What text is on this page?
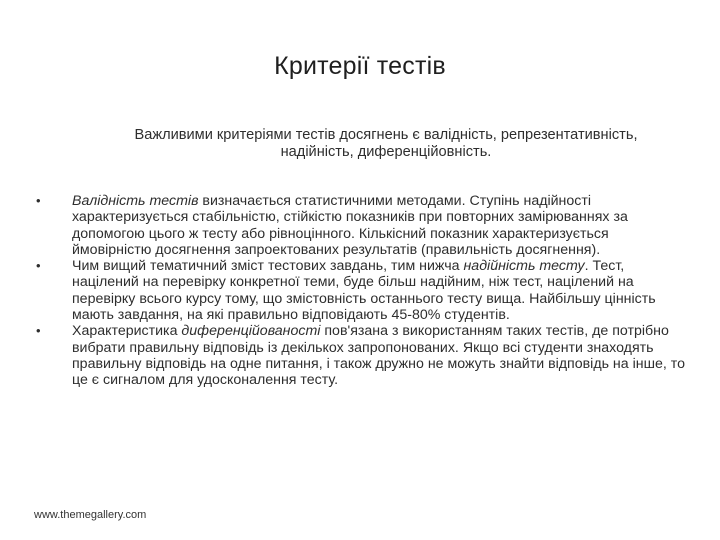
Критерії тестів
Важливими критеріями тестів досягнень є валідність, репрезентативність, надійність, диференційовність.
•	Валідність тестів визначається статистичними методами. Ступінь надійності характеризується стабільністю, стійкістю показників при повторних замірюваннях за допомогою цього ж тесту або рівноцінного. Кількісний показник характеризується ймовірністю досягнення запроектованих результатів (правильність досягнення).
•	Чим вищий тематичний зміст тестових завдань, тим нижча надійність тесту. Тест, націлений на перевірку конкретної теми, буде більш надійним, ніж тест, націлений на перевірку всього курсу тому, що змістовність останнього тесту вища. Найбільшу цінність мають завдання, на які правильно відповідають 45-80% студентів.
•	Характеристика диференційованості пов'язана з використанням таких тестів, де потрібно вибрати правильну відповідь із декількох запропонованих. Якщо всі студенти знаходять правильну відповідь на одне питання, і також дружно не можуть знайти відповідь на інше, то це є сигналом для удосконалення тесту.
www.themegallery.com
